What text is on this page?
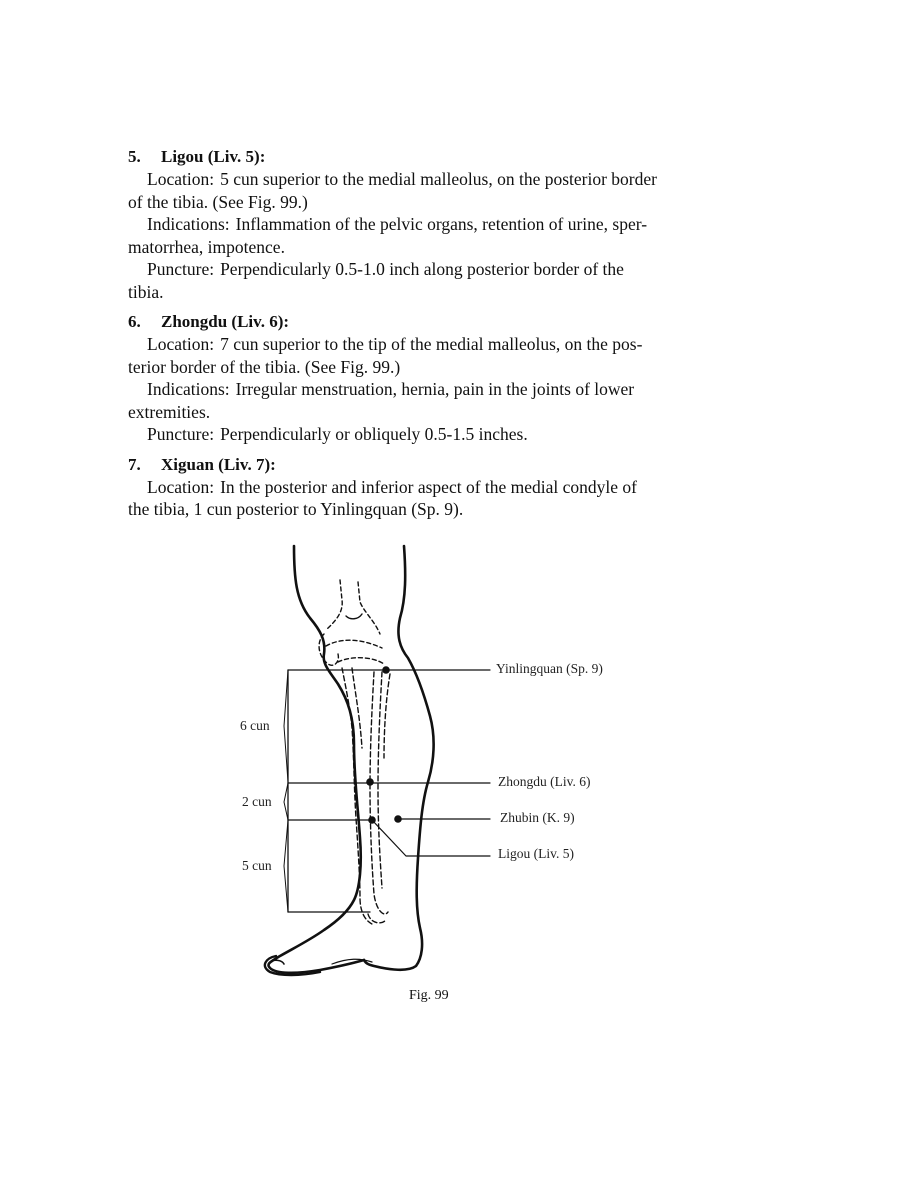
5. Ligou (Liv. 5):
Location: 5 cun superior to the medial malleolus, on the posterior border
of the tibia. (See Fig. 99.)
Indications: Inflammation of the pelvic organs, retention of urine, sper-
matorrhea, impotence.
Puncture: Perpendicularly 0.5-1.0 inch along posterior border of the
tibia.
6. Zhongdu (Liv. 6):
Location: 7 cun superior to the tip of the medial malleolus, on the pos-
terior border of the tibia. (See Fig. 99.)
Indications: Irregular menstruation, hernia, pain in the joints of lower
extremities.
Puncture: Perpendicularly or obliquely 0.5-1.5 inches.
7. Xiguan (Liv. 7):
Location: In the posterior and inferior aspect of the medial condyle of
the tibia, 1 cun posterior to Yinlingquan (Sp. 9).
Yinlingquan (Sp. 9)
Zhongdu (Liv. 6)
Zhubin (K. 9)
Ligou (Liv. 5)
6 cun
2 cun
5 cun
Fig. 99
